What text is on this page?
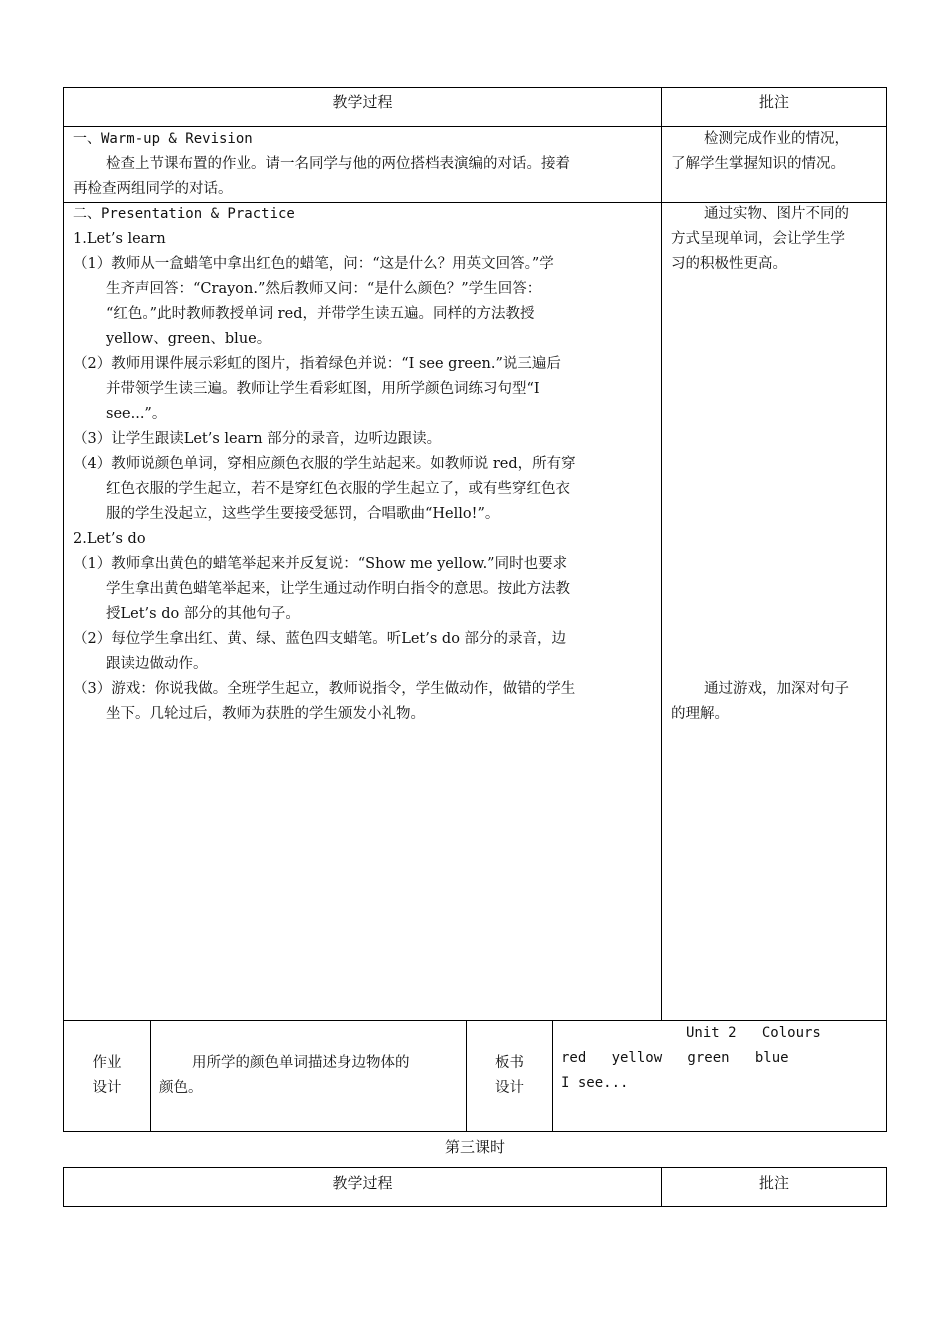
教学过程	批注
一、Warm-up & Revision
检查上节课布置的作业。请一名同学与他的两位搭档表演编的对话。接着
再检查两组同学的对话。
检测完成作业的情况，
了解学生掌握知识的情况。
二、Presentation & Practice
1.Let’s learn
（1）教师从一盒蜡笔中拿出红色的蜡笔，问：“这是什么？用英文回答。”学
生齐声回答：“Crayon.”然后教师又问：“是什么颜色？”学生回答：
“红色。”此时教师教授单词 red，并带学生读五遍。同样的方法教授
yellow、green、blue。
（2）教师用课件展示彩虹的图片，指着绿色并说：“I see green.”说三遍后
并带领学生读三遍。教师让学生看彩虹图，用所学颜色词练习句型“I
see...”。
（3）让学生跟读Let’s learn 部分的录音，边听边跟读。
（4）教师说颜色单词，穿相应颜色衣服的学生站起来。如教师说 red，所有穿
红色衣服的学生起立，若不是穿红色衣服的学生起立了，或有些穿红色衣
服的学生没起立，这些学生要接受惩罚，合唱歌曲“Hello!”。
2.Let’s do
（1）教师拿出黄色的蜡笔举起来并反复说：“Show me yellow.”同时也要求
学生拿出黄色蜡笔举起来，让学生通过动作明白指令的意思。按此方法教
授Let’s do 部分的其他句子。
（2）每位学生拿出红、黄、绿、蓝色四支蜡笔。听Let’s do 部分的录音，边
跟读边做动作。
（3）游戏：你说我做。全班学生起立，教师说指令，学生做动作，做错的学生
坐下。几轮过后，教师为获胜的学生颁发小礼物。
通过实物、图片不同的
方式呈现单词，会让学生学
习的积极性更高。
通过游戏，加深对句子
的理解。
作业
设计
用所学的颜色单词描述身边物体的
颜色。
板书
设计
Unit 2   Colours
red   yellow   green   blue
I see...
第三课时
教学过程	批注
